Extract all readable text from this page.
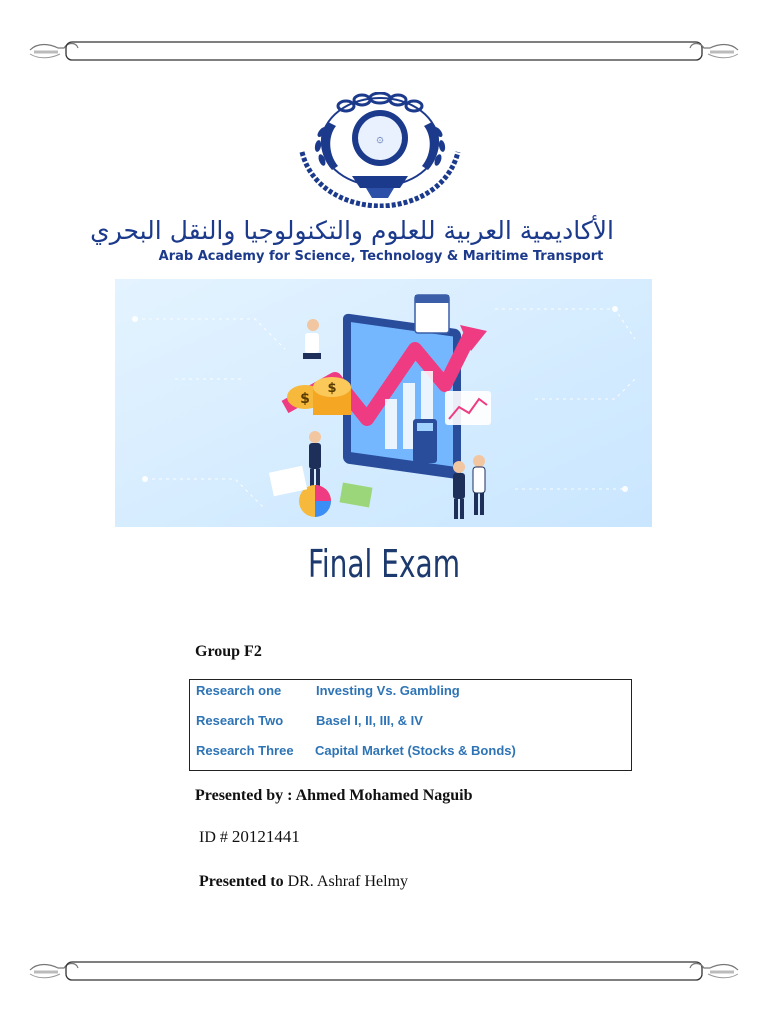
۞
الأكاديمية العربية للعلوم والتكنولوجيا والنقل البحري
Arab Academy for Science, Technology & Maritime Transport
$
$
Final Exam
Group F2
Research one	Investing Vs. Gambling
Research Two	Basel I, II, III, & IV
Research Three Capital Market (Stocks & Bonds)
Presented by : Ahmed Mohamed Naguib
ID # 20121441
Presented to DR. Ashraf Helmy
